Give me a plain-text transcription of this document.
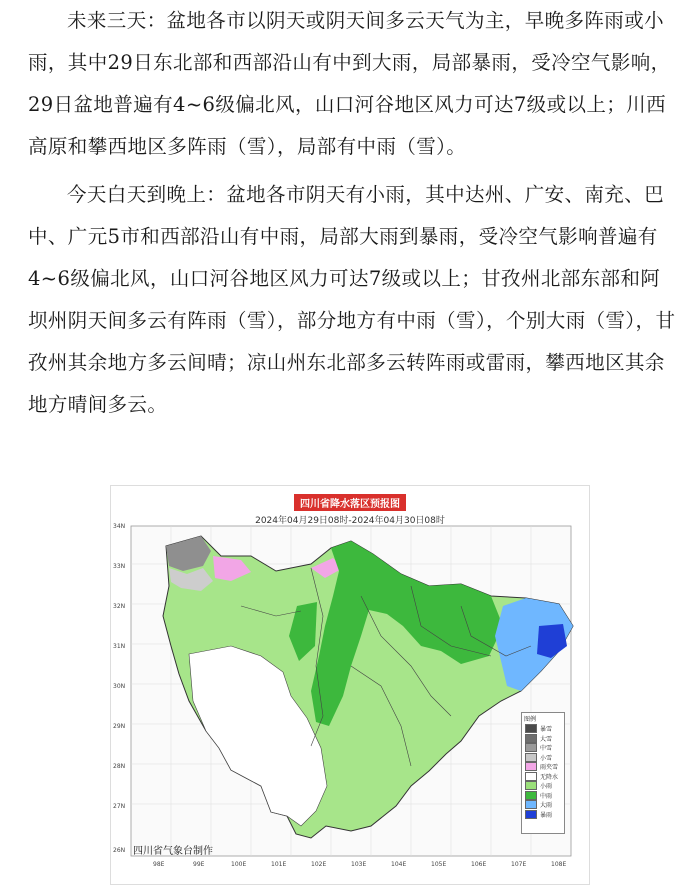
未来三天：盆地各市以阴天或阴天间多云天气为主，早晚多阵雨或小雨，其中29日东北部和西部沿山有中到大雨，局部暴雨，受冷空气影响，29日盆地普遍有4~6级偏北风，山口河谷地区风力可达7级或以上；川西高原和攀西地区多阵雨（雪），局部有中雨（雪）。

今天白天到晚上：盆地各市阴天有小雨，其中达州、广安、南充、巴中、广元5市和西部沿山有中雨，局部大雨到暴雨，受冷空气影响普遍有4~6级偏北风，山口河谷地区风力可达7级或以上；甘孜州北部东部和阿坝州阴天间多云有阵雨（雪），部分地方有中雨（雪），个别大雨（雪），甘孜州其余地方多云间晴；凉山州东北部多云转阵雨或雷雨，攀西地区其余地方晴间多云。

四川省降水落区预报图
2024年04月29日08时-2024年04月30日08时
34N
33N
32N
31N
30N
29N
28N
27N
26N
98E	99E	100E	101E	102E	103E	104E	105E	106E	107E	108E
图例
暴雪
大雪
中雪
小雪
雨夹雪
无降水
小雨
中雨
大雨
暴雨
四川省气象台制作
